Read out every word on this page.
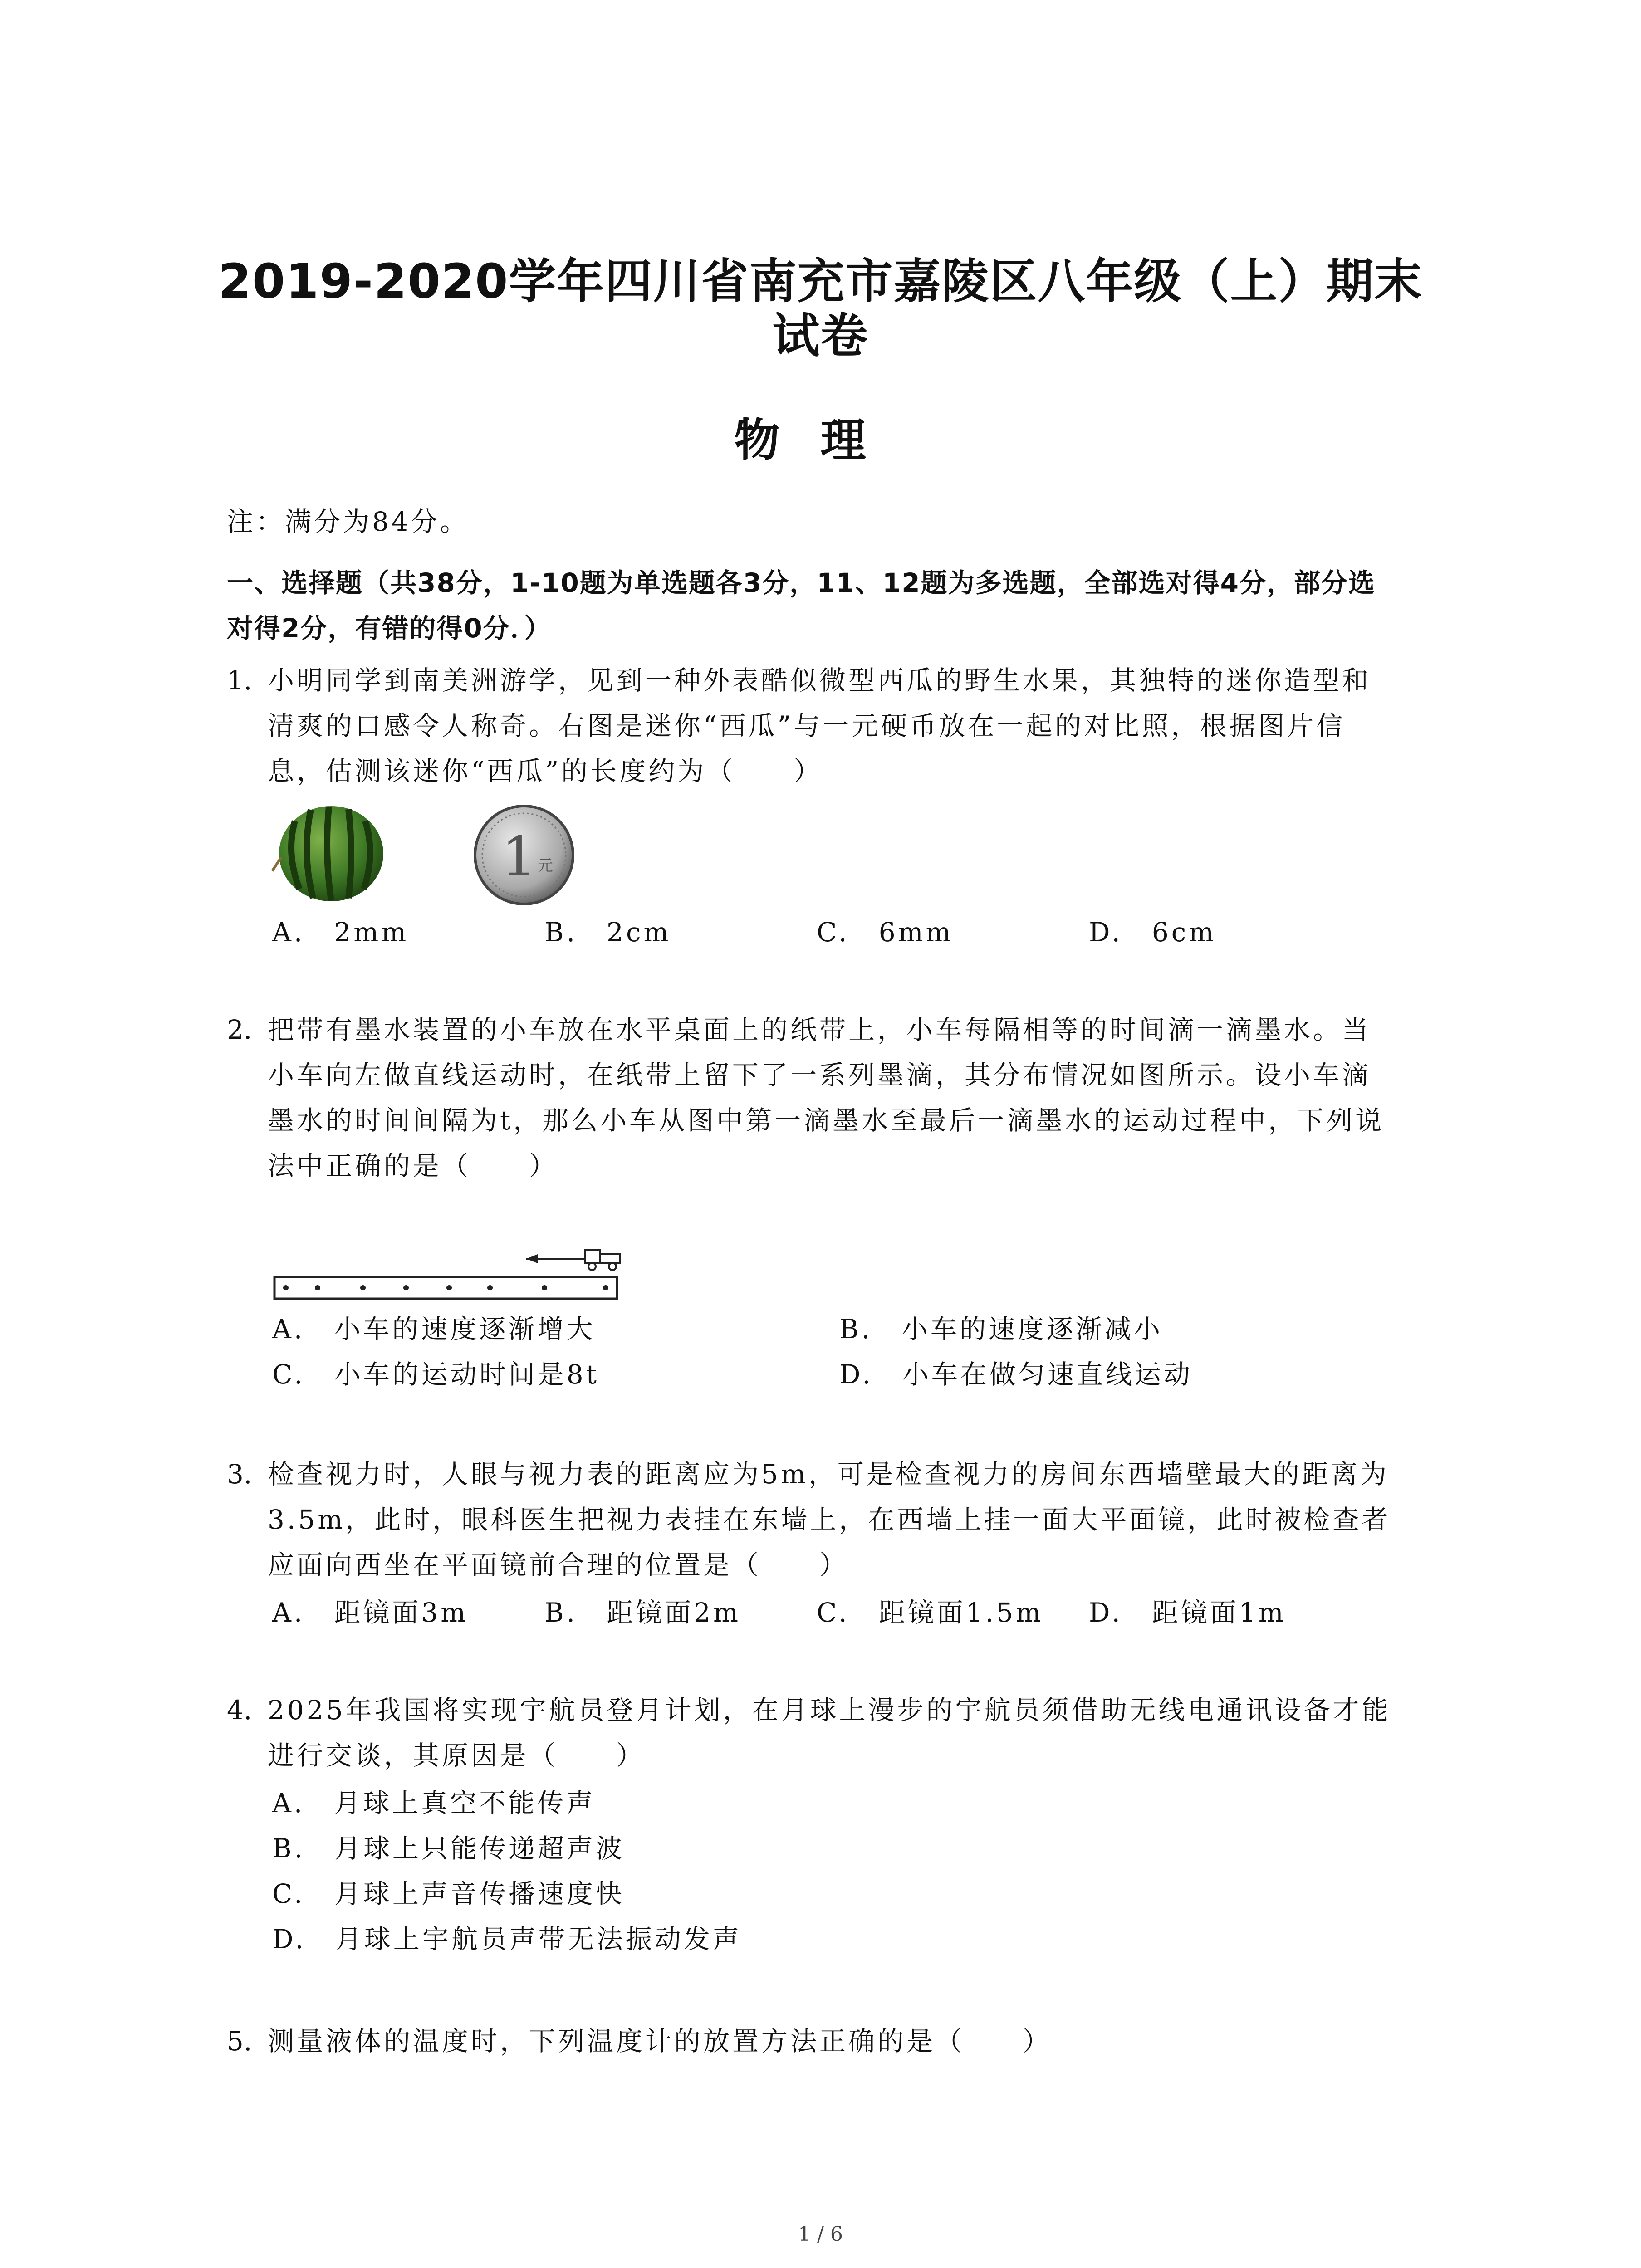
2019-2020学年四川省南充市嘉陵区八年级（上）期末
试卷
物理
注：满分为84分。
一、选择题（共38分，1-10题为单选题各3分，11、12题为多选题，全部选对得4分，部分选
对得2分，有错的得0分．）
1. 小明同学到南美洲游学，见到一种外表酷似微型西瓜的野生水果，其独特的迷你造型和
清爽的口感令人称奇。右图是迷你“西瓜”与一元硬币放在一起的对比照，根据图片信
息，估测该迷你“西瓜”的长度约为（　　）
1 元
A.　2mm	B.　2cm	C.　6mm	D.　6cm
2. 把带有墨水装置的小车放在水平桌面上的纸带上，小车每隔相等的时间滴一滴墨水。当
小车向左做直线运动时，在纸带上留下了一系列墨滴，其分布情况如图所示。设小车滴
墨水的时间间隔为t，那么小车从图中第一滴墨水至最后一滴墨水的运动过程中，下列说
法中正确的是（　　）
A.　小车的速度逐渐增大	B.　小车的速度逐渐减小
C.　小车的运动时间是8t	D.　小车在做匀速直线运动
3. 检查视力时，人眼与视力表的距离应为5m，可是检查视力的房间东西墙壁最大的距离为
3.5m，此时，眼科医生把视力表挂在东墙上，在西墙上挂一面大平面镜，此时被检查者
应面向西坐在平面镜前合理的位置是（　　）
A.　距镜面3m	B.　距镜面2m	C.　距镜面1.5m D.　距镜面1m
4. 2025年我国将实现宇航员登月计划，在月球上漫步的宇航员须借助无线电通讯设备才能
进行交谈，其原因是（　　）
A.　月球上真空不能传声
B.　月球上只能传递超声波
C.　月球上声音传播速度快
D.　月球上宇航员声带无法振动发声
5. 测量液体的温度时，下列温度计的放置方法正确的是（　　）
1 / 6
